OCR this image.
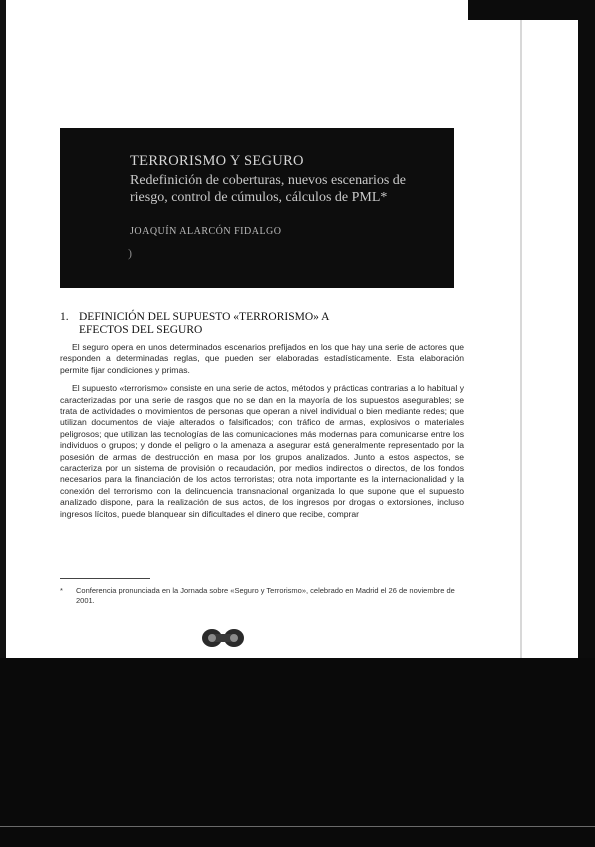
TERRORISMO Y SEGURO

Redefinición de coberturas, nuevos escenarios de riesgo, control de cúmulos, cálculos de PML*

JOAQUÍN ALARCÓN FIDALGO

)
1. DEFINICIÓN DEL SUPUESTO «TERRORISMO» A EFECTOS DEL SEGURO

El seguro opera en unos determinados escenarios prefijados en los que hay una serie de actores que responden a determinadas reglas, que pueden ser elaboradas estadísticamente. Esta elaboración permite fijar condiciones y primas.

El supuesto «terrorismo» consiste en una serie de actos, métodos y prácticas contrarias a lo habitual y caracterizadas por una serie de rasgos que no se dan en la mayoría de los supuestos asegurables; se trata de actividades o movimientos de personas que operan a nivel individual o bien mediante redes; que utilizan documentos de viaje alterados o falsificados; con tráfico de armas, explosivos o materiales peligrosos; que utilizan las tecnologías de las comunicaciones más modernas para comunicarse entre los individuos o grupos; y donde el peligro o la amenaza a asegurar está generalmente representado por la posesión de armas de destrucción en masa por los grupos analizados. Junto a estos aspectos, se caracteriza por un sistema de provisión o recaudación, por medios indirectos o directos, de los fondos necesarios para la financiación de los actos terroristas; otra nota importante es la internacionalidad y la conexión del terrorismo con la delincuencia transnacional organizada lo que supone que el supuesto analizado dispone, para la realización de sus actos, de los ingresos por drogas o extorsiones, incluso ingresos lícitos, puede blanquear sin dificultades el dinero que recibe, comprar

*	Conferencia pronunciada en la Jornada sobre «Seguro y Terrorismo», celebrado en Madrid el 26 de noviembre de 2001.
